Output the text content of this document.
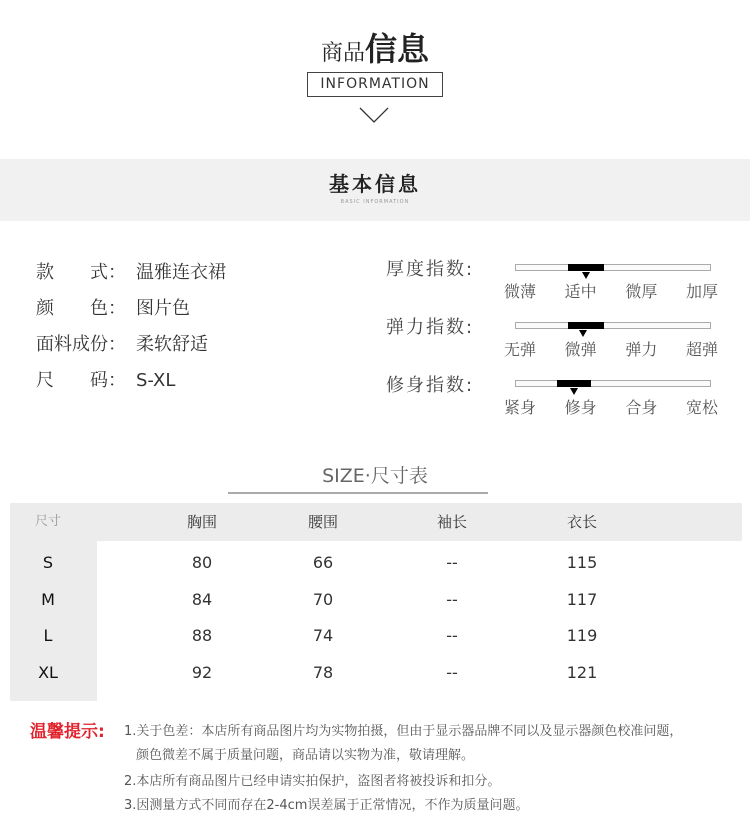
商品信息
INFORMATION
基本信息
BASIC INFORMATION
款　　式： 温雅连衣裙
颜　　色： 图片色
面料成份： 柔软舒适
尺　　码： S-XL
厚度指数:
微薄 适中 微厚 加厚
弹力指数:
无弹 微弹 弹力 超弹
修身指数:
紧身 修身 合身 宽松
SIZE·尺寸表
尺寸	胸围	腰围	袖长	衣长
S	80	66	--	115
M	84	70	--	117
L	88	74	--	119
XL	92	78	--	121
温馨提示: 1.关于色差：本店所有商品图片均为实物拍摄，但由于显示器品牌不同以及显示器颜色校准问题，
颜色微差不属于质量问题，商品请以实物为准，敬请理解。
2.本店所有商品图片已经申请实拍保护，盗图者将被投诉和扣分。
3.因测量方式不同而存在2-4cm误差属于正常情况，不作为质量问题。
